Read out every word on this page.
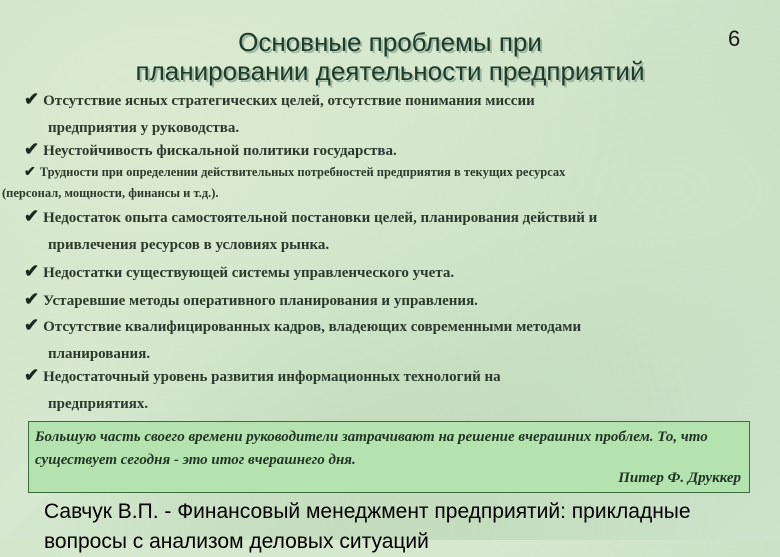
Основные проблемы при
планировании деятельности предприятий
6
✔ Отсутствие ясных стратегических целей, отсутствие понимания миссии
предприятия у руководства.
✔ Неустойчивость фискальной политики государства.
✔ Трудности при определении действительных потребностей предприятия в текущих ресурсах
(персонал, мощности, финансы и т.д.).
✔ Недостаток опыта самостоятельной постановки целей, планирования действий и
привлечения ресурсов в условиях рынка.
✔ Недостатки существующей системы управленческого учета.
✔ Устаревшие методы оперативного планирования и управления.
✔ Отсутствие квалифицированных кадров, владеющих современными методами
планирования.
✔ Недостаточный уровень развития информационных технологий на
предприятиях.
Большую часть своего времени руководители затрачивают на решение вчерашних проблем. То, что существует сегодня - это итог вчерашнего дня.
Питер Ф. Друккер
Савчук В.П. - Финансовый менеджмент предприятий: прикладные
вопросы с анализом деловых ситуаций
